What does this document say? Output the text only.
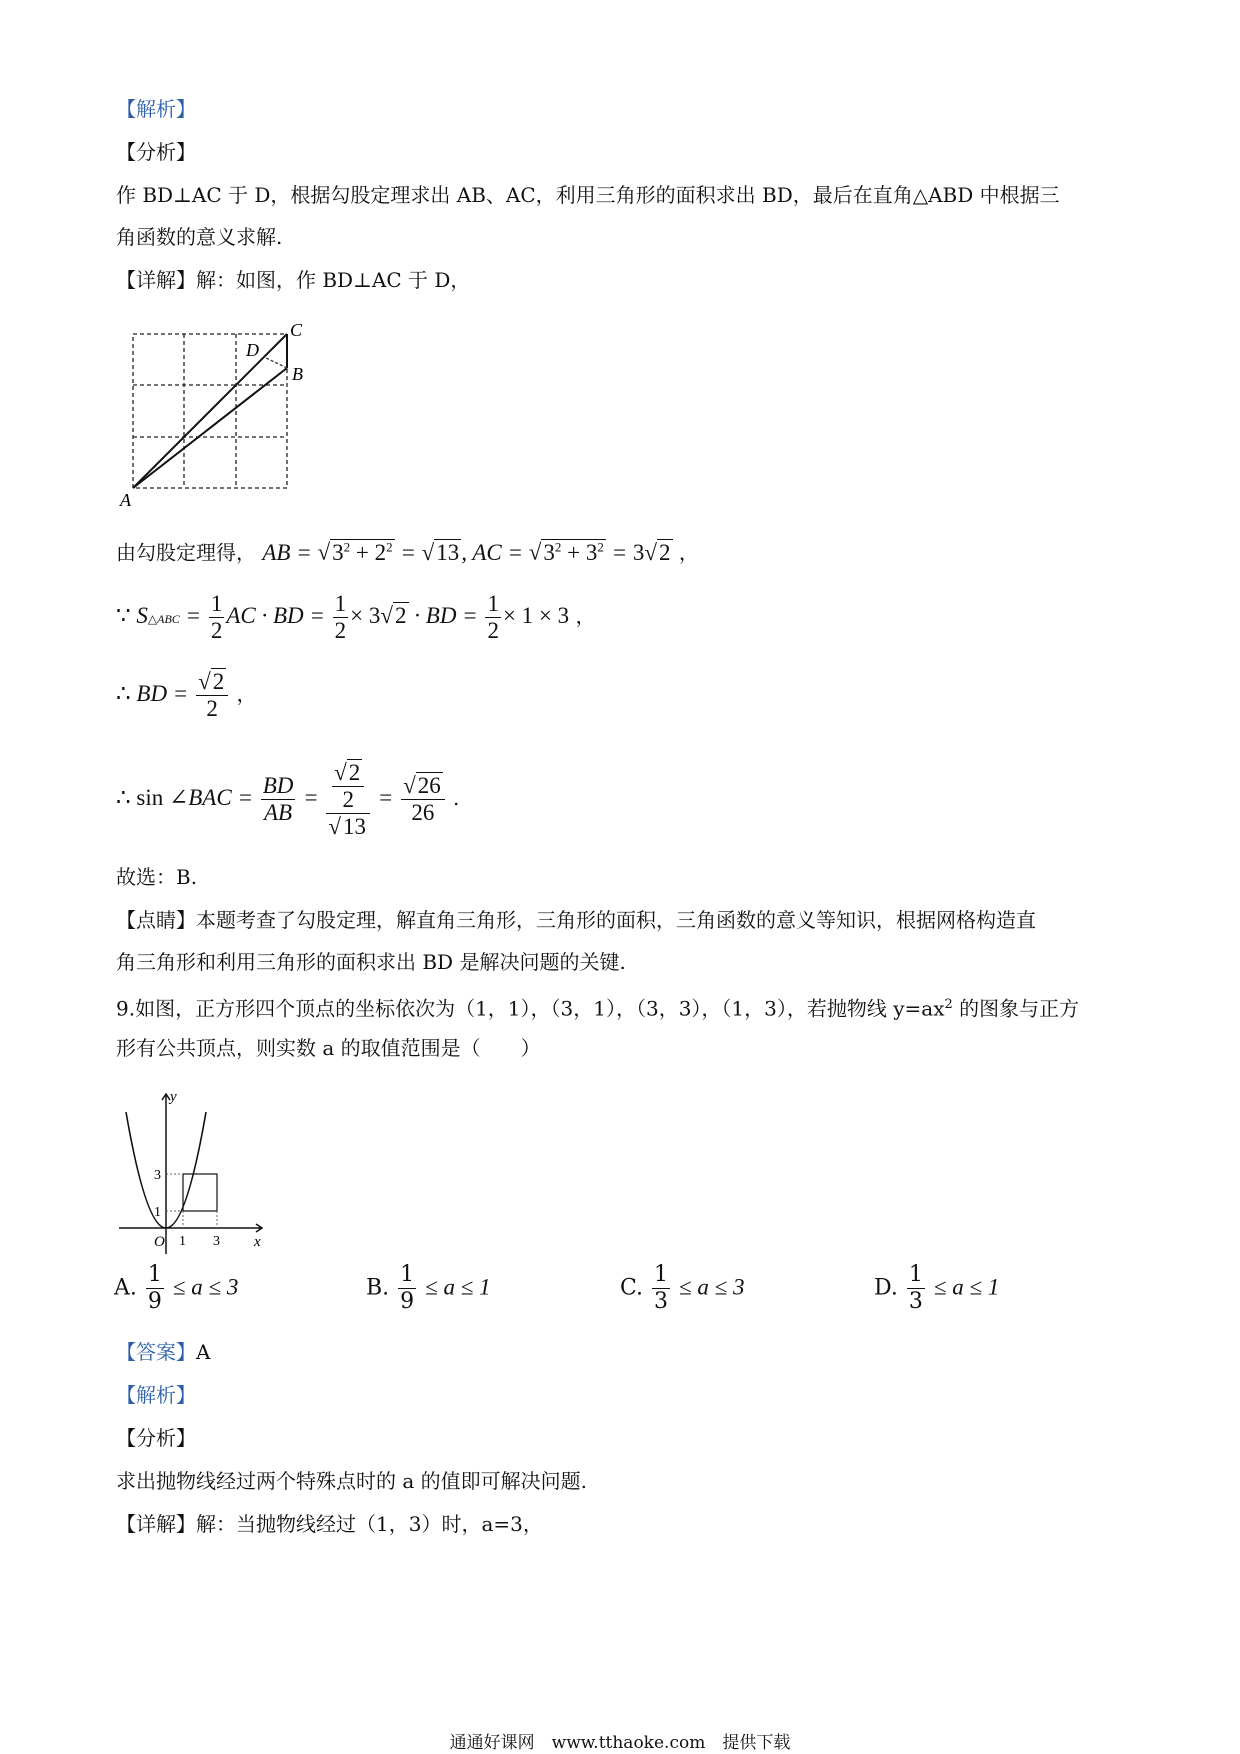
【解析】
【分析】
作 BD⊥AC 于 D，根据勾股定理求出 AB、AC，利用三角形的面积求出 BD，最后在直角△ABD 中根据三
角函数的意义求解.
【详解】解：如图，作 BD⊥AC 于 D，
A
B
C
D
由勾股定理得， AB = $√3^2 + 2^2 = √13$, AC = $√3^2 + 3^2 = 3√2$ ，
∵ S△ABC = $\frac{1}{2}$ AC · BD = $\frac{1}{2} \times 3√2$ · BD = $\frac{1}{2} \times 1 \times 3$ ，
∴ BD = $\frac{√2}{2}$ ，
∴ sin ∠BAC = $\frac{BD}{AB} = \frac{\frac{√2}{2}}{√13} = \frac{√26}{26}$ .
故选：B.
【点睛】本题考查了勾股定理，解直角三角形，三角形的面积，三角函数的意义等知识，根据网格构造直
角三角形和利用三角形的面积求出 BD 是解决问题的关键.
9.如图，正方形四个顶点的坐标依次为（1，1），（3，1），（3，3），（1，3），若抛物线 $y=ax^2$ 的图象与正方
形有公共顶点，则实数 a 的取值范围是（　　）
y
x
O 1 3
1
3
A. $\frac{1}{9} \le a \le 3$	B. $\frac{1}{9} \le a \le 1$	C. $\frac{1}{3} \le a \le 3$	D. $\frac{1}{3} \le a \le 1$
【答案】A
【解析】
【分析】
求出抛物线经过两个特殊点时的 a 的值即可解决问题.
【详解】解：当抛物线经过（1，3）时，a=3，
通通好课网　www.tthaoke.com　提供下载
